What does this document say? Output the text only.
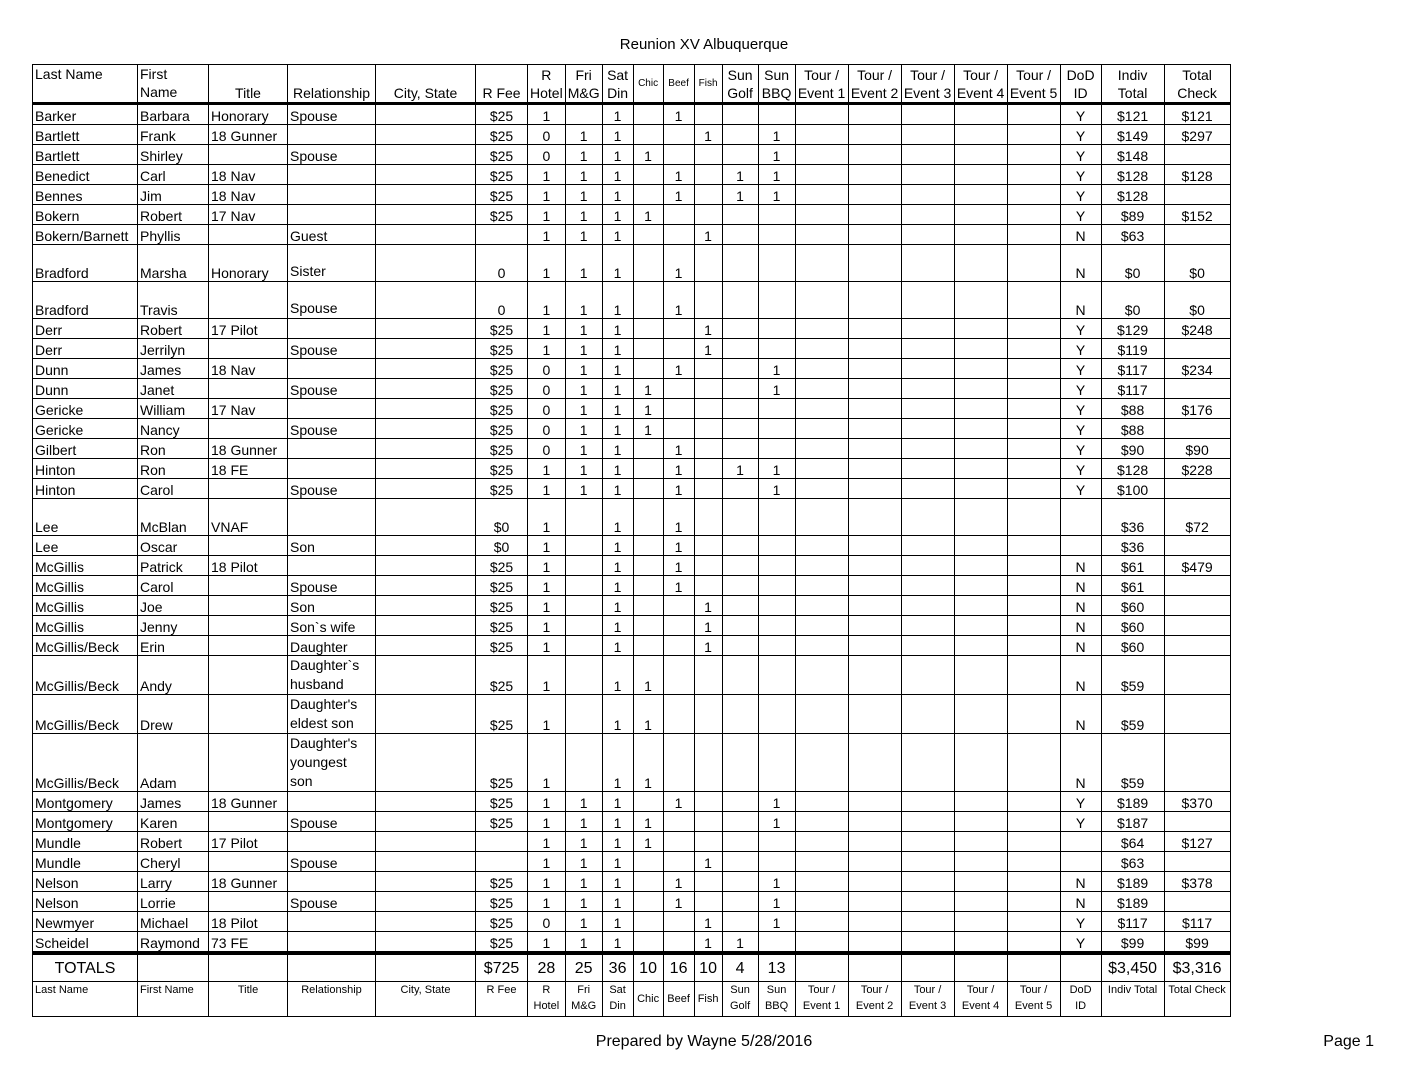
Reunion XV Albuquerque
Last Name	First Name	Title	Relationship	City, State	R Fee	R Hotel	Fri M&G	Sat Din	Chic	Beef	Fish	Sun Golf	Sun BBQ	Tour / Event 1	Tour / Event 2	Tour / Event 3	Tour / Event 4	Tour / Event 5	DoD ID	Indiv Total	Total Check
Barker	Barbara	Honorary	Spouse		$25	1		1		1									Y	$121	$121
Bartlett	Frank	18 Gunner			$25	0	1	1			1		1						Y	$149	$297
Bartlett	Shirley		Spouse		$25	0	1	1	1				1						Y	$148	
Benedict	Carl	18 Nav			$25	1	1	1		1		1	1						Y	$128	$128
Bennes	Jim	18 Nav			$25	1	1	1		1		1	1						Y	$128	
Bokern	Robert	17 Nav			$25	1	1	1	1										Y	$89	$152
Bokern/Barnett	Phyllis		Guest			1	1	1			1								N	$63	
Bradford	Marsha	Honorary	Sister		0	1	1	1		1									N	$0	$0
Bradford	Travis		Spouse		0	1	1	1		1									N	$0	$0
Derr	Robert	17 Pilot			$25	1	1	1			1								Y	$129	$248
Derr	Jerrilyn		Spouse		$25	1	1	1			1								Y	$119	
Dunn	James	18 Nav			$25	0	1	1		1			1						Y	$117	$234
Dunn	Janet		Spouse		$25	0	1	1	1				1						Y	$117	
Gericke	William	17 Nav			$25	0	1	1	1										Y	$88	$176
Gericke	Nancy		Spouse		$25	0	1	1	1										Y	$88	
Gilbert	Ron	18 Gunner			$25	0	1	1		1									Y	$90	$90
Hinton	Ron	18 FE			$25	1	1	1		1		1	1						Y	$128	$228
Hinton	Carol		Spouse		$25	1	1	1		1			1						Y	$100	
Lee	McBlan	VNAF			$0	1		1		1										$36	$72
Lee	Oscar		Son		$0	1		1		1										$36	
McGillis	Patrick	18 Pilot			$25	1		1		1									N	$61	$479
McGillis	Carol		Spouse		$25	1		1		1									N	$61	
McGillis	Joe		Son		$25	1		1			1								N	$60	
McGillis	Jenny		Son`s wife		$25	1		1			1								N	$60	
McGillis/Beck	Erin		Daughter		$25	1		1			1								N	$60	
McGillis/Beck	Andy		Daughter`s husband		$25	1		1	1										N	$59	
McGillis/Beck	Drew		Daughter's eldest son		$25	1		1	1										N	$59	
McGillis/Beck	Adam		Daughter's youngest son		$25	1		1	1										N	$59	
Montgomery	James	18 Gunner			$25	1	1	1		1			1						Y	$189	$370
Montgomery	Karen		Spouse		$25	1	1	1	1				1						Y	$187	
Mundle	Robert	17 Pilot				1	1	1	1											$64	$127
Mundle	Cheryl		Spouse			1	1	1			1									$63	
Nelson	Larry	18 Gunner			$25	1	1	1		1			1						N	$189	$378
Nelson	Lorrie		Spouse		$25	1	1	1		1			1						N	$189	
Newmyer	Michael	18 Pilot			$25	0	1	1			1		1						Y	$117	$117
Scheidel	Raymond	73 FE			$25	1	1	1			1	1							Y	$99	$99
TOTALS					$725	28	25	36	10	16	10	4	13							$3,450	$3,316
Last Name	First Name	Title	Relationship	City, State	R Fee	R Hotel	Fri M&G	Sat Din	Chic	Beef	Fish	Sun Golf	Sun BBQ	Tour / Event 1	Tour / Event 2	Tour / Event 3	Tour / Event 4	Tour / Event 5	DoD ID	Indiv Total	Total Check
Prepared by Wayne 5/28/2016	Page 1
